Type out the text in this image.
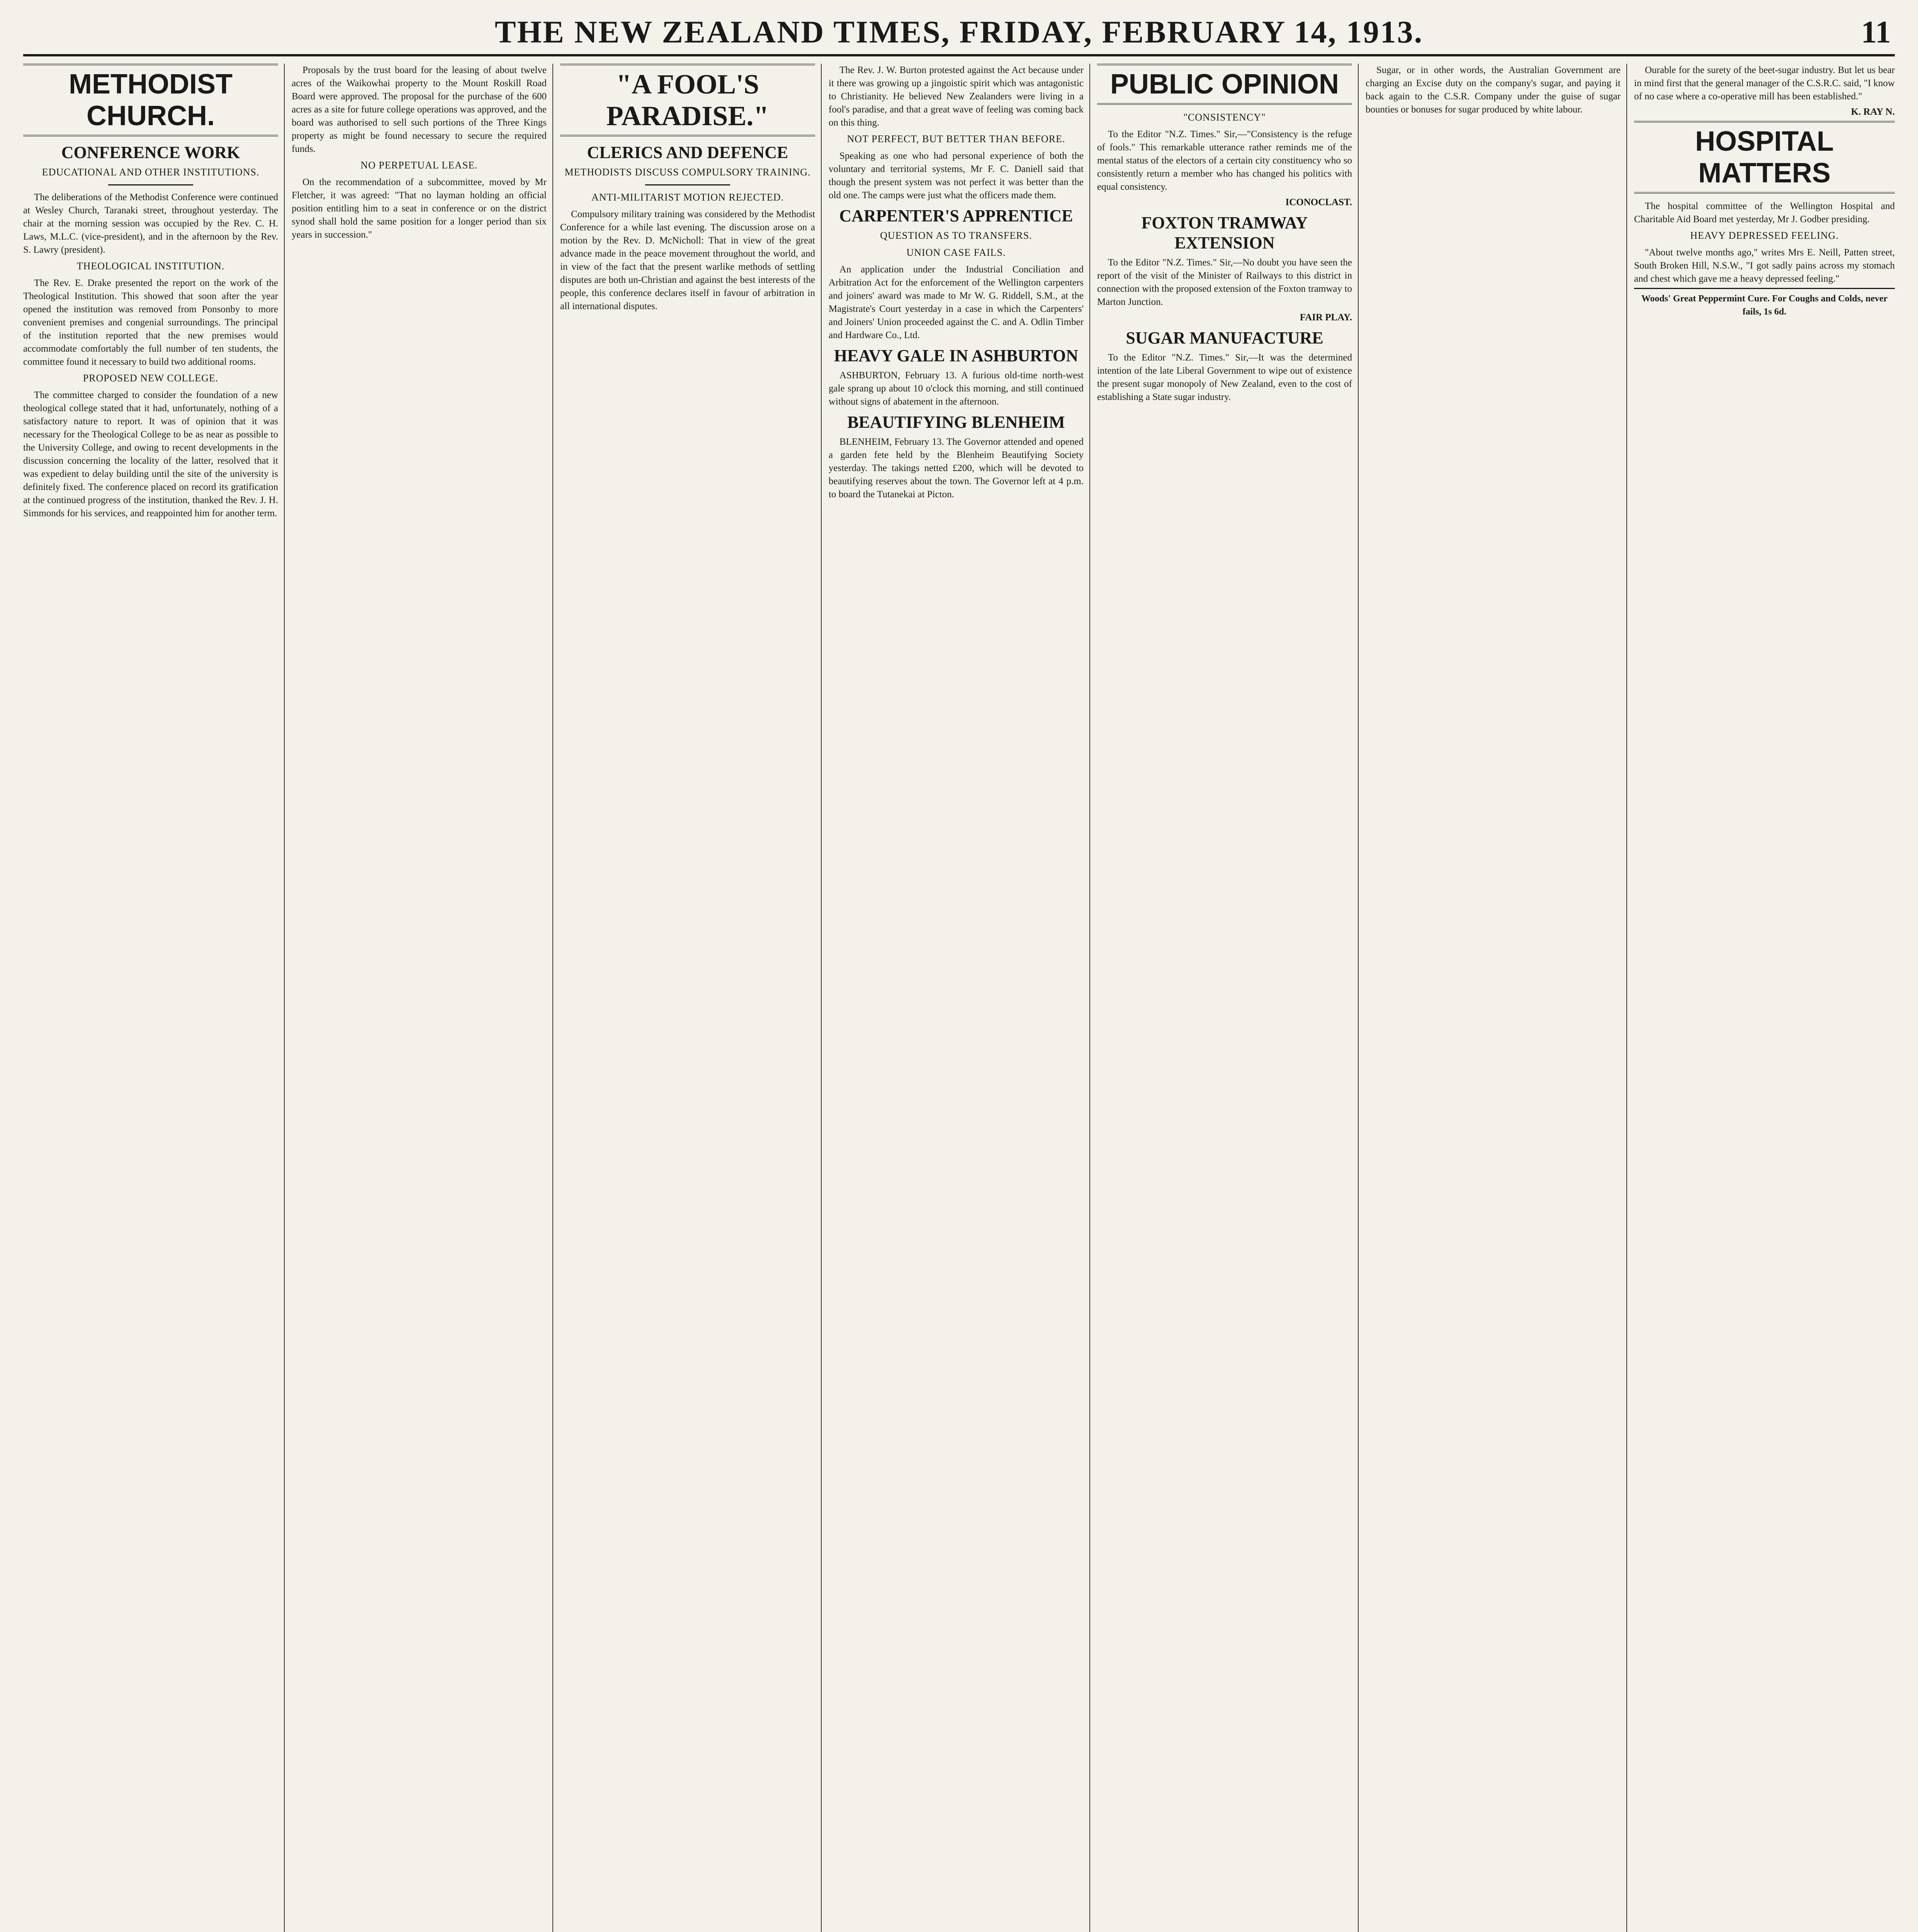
THE NEW ZEALAND TIMES, FRIDAY, FEBRUARY 14, 1913.	11
METHODIST CHURCH.
CONFERENCE WORK
EDUCATIONAL AND OTHER INSTITUTIONS.

The deliberations of the Methodist Conference were continued at Wesley Church, Taranaki street, throughout yesterday. The chair at the morning session was occupied by the Rev. C. H. Laws, M.L.C. (vice-president), and in the afternoon by the Rev. S. Lawry (president).

THEOLOGICAL INSTITUTION.

The Rev. E. Drake presented the report on the work of the Theological Institution. This showed that soon after the year opened the institution was removed from Ponsonby to more convenient premises and congenial surroundings. The principal of the institution reported that the new premises would accommodate comfortably the full number of ten students, the committee found it necessary to build two additional rooms.

PROPOSED NEW COLLEGE.

The committee charged to consider the foundation of a new theological college stated that it had, unfortunately, nothing of a satisfactory nature to report. It was of opinion that it was necessary for the Theological College to be as near as possible to the University College, and owing to recent developments in the discussion concerning the locality of the latter, resolved that it was expedient to delay building until the site of the university is definitely fixed. The conference placed on record its gratification at the continued progress of the institution, thanked the Rev. J. H. Simmonds for his services, and reappointed him for another term.

Proposals by the trust board for the leasing of about twelve acres of the Waikowhai property to the Mount Roskill Road Board were approved. The proposal for the purchase of the 600 acres as a site for future college operations was approved, and the board was authorised to sell such portions of the Three Kings property as might be found necessary to secure the required funds.

NO PERPETUAL LEASE.

On the recommendation of a subcommittee, moved by Mr Fletcher, it was agreed: "That no layman holding an official position entitling him to a seat in conference or on the district synod shall hold the same position for a longer period than six years in succession."

"A FOOL'S PARADISE."
CLERICS AND DEFENCE
METHODISTS DISCUSS COMPULSORY TRAINING.
ANTI-MILITARIST MOTION REJECTED.

Compulsory military training was considered by the Methodist Conference for a while last evening. The discussion arose on a motion by the Rev. D. McNicholl: That in view of the great advance made in the peace movement throughout the world, and in view of the fact that the present warlike methods of settling disputes are both un-Christian and against the best interests of the people, this conference declares itself in favour of arbitration in all international disputes.

The Rev. J. W. Burton protested against the Act because under it there was growing up a jingoistic spirit which was antagonistic to Christianity. He believed New Zealanders were living in a fool's paradise, and that a great wave of feeling was coming back on this thing.

NOT PERFECT, BUT BETTER THAN BEFORE.

Speaking as one who had personal experience of both the voluntary and territorial systems, Mr F. C. Daniell said that though the present system was not perfect it was better than the old one. The camps were just what the officers made them.

CARPENTER'S APPRENTICE
QUESTION AS TO TRANSFERS.
UNION CASE FAILS.

An application under the Industrial Conciliation and Arbitration Act for the enforcement of the Wellington carpenters and joiners' award was made to Mr W. G. Riddell, S.M., at the Magistrate's Court yesterday in a case in which the Carpenters' and Joiners' Union proceeded against the C. and A. Odlin Timber and Hardware Co., Ltd.

HEAVY GALE IN ASHBURTON

ASHBURTON, February 13. A furious old-time north-west gale sprang up about 10 o'clock this morning, and still continued without signs of abatement in the afternoon.

BEAUTIFYING BLENHEIM

BLENHEIM, February 13. The Governor attended and opened a garden fete held by the Blenheim Beautifying Society yesterday. The takings netted £200, which will be devoted to beautifying reserves about the town. The Governor left at 4 p.m. to board the Tutanekai at Picton.

PUBLIC OPINION
"CONSISTENCY"

To the Editor "N.Z. Times." Sir,—"Consistency is the refuge of fools." This remarkable utterance rather reminds me of the mental status of the electors of a certain city constituency who so consistently return a member who has changed his politics with equal consistency.

ICONOCLAST.

FOXTON TRAMWAY EXTENSION

To the Editor "N.Z. Times." Sir,—No doubt you have seen the report of the visit of the Minister of Railways to this district in connection with the proposed extension of the Foxton tramway to Marton Junction.

FAIR PLAY.

SUGAR MANUFACTURE

To the Editor "N.Z. Times." Sir,—It was the determined intention of the late Liberal Government to wipe out of existence the present sugar monopoly of New Zealand, even to the cost of establishing a State sugar industry.

Sugar, or in other words, the Australian Government are charging an Excise duty on the company's sugar, and paying it back again to the C.S.R. Company under the guise of sugar bounties or bonuses for sugar produced by white labour.

Ourable for the surety of the beet-sugar industry. But let us bear in mind first that the general manager of the C.S.R.C. said, "I know of no case where a co-operative mill has been established."

K. RAY N.

HOSPITAL MATTERS

The hospital committee of the Wellington Hospital and Charitable Aid Board met yesterday, Mr J. Godber presiding.

HEAVY DEPRESSED FEELING.

"About twelve months ago," writes Mrs E. Neill, Patten street, South Broken Hill, N.S.W., "I got sadly pains across my stomach and chest which gave me a heavy depressed feeling."

Woods' Great Peppermint Cure. For Coughs and Colds, never fails, 1s 6d.
